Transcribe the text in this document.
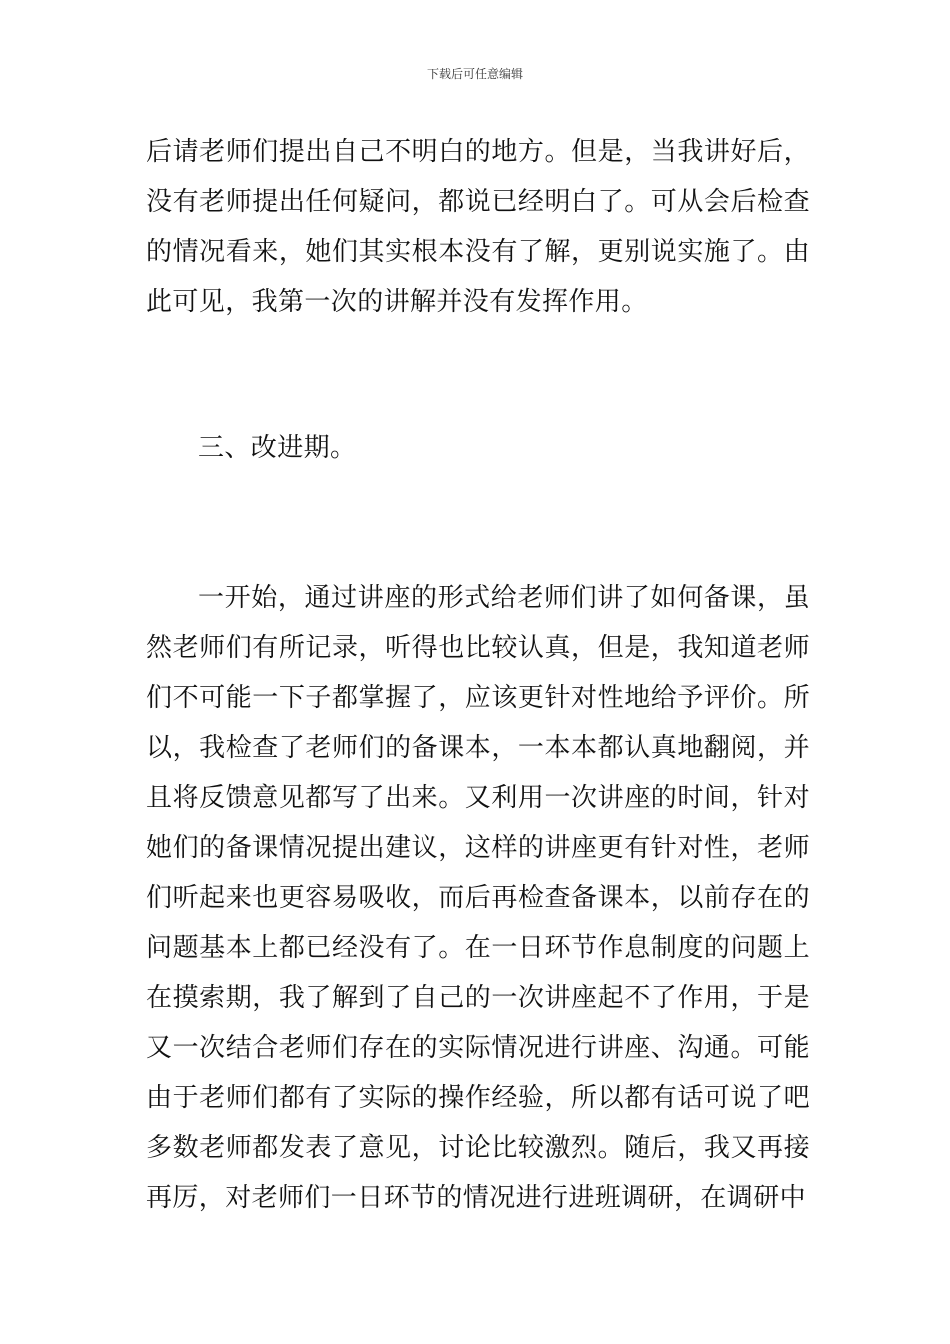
下载后可任意编辑

后请老师们提出自己不明白的地方。但是，当我讲好后，没有老师提出任何疑问，都说已经明白了。可从会后检查的情况看来，她们其实根本没有了解，更别说实施了。由此可见，我第一次的讲解并没有发挥作用。

三、改进期。

一开始，通过讲座的形式给老师们讲了如何备课，虽然老师们有所记录，听得也比较认真，但是，我知道老师们不可能一下子都掌握了，应该更针对性地给予评价。所以，我检查了老师们的备课本，一本本都认真地翻阅，并且将反馈意见都写了出来。又利用一次讲座的时间，针对她们的备课情况提出建议，这样的讲座更有针对性，老师们听起来也更容易吸收，而后再检查备课本，以前存在的问题基本上都已经没有了。在一日环节作息制度的问题上在摸索期，我了解到了自己的一次讲座起不了作用，于是又一次结合老师们存在的实际情况进行讲座、沟通。可能由于老师们都有了实际的操作经验，所以都有话可说了吧多数老师都发表了意见，讨论比较激烈。随后，我又再接再厉，对老师们一日环节的情况进行进班调研，在调研中
